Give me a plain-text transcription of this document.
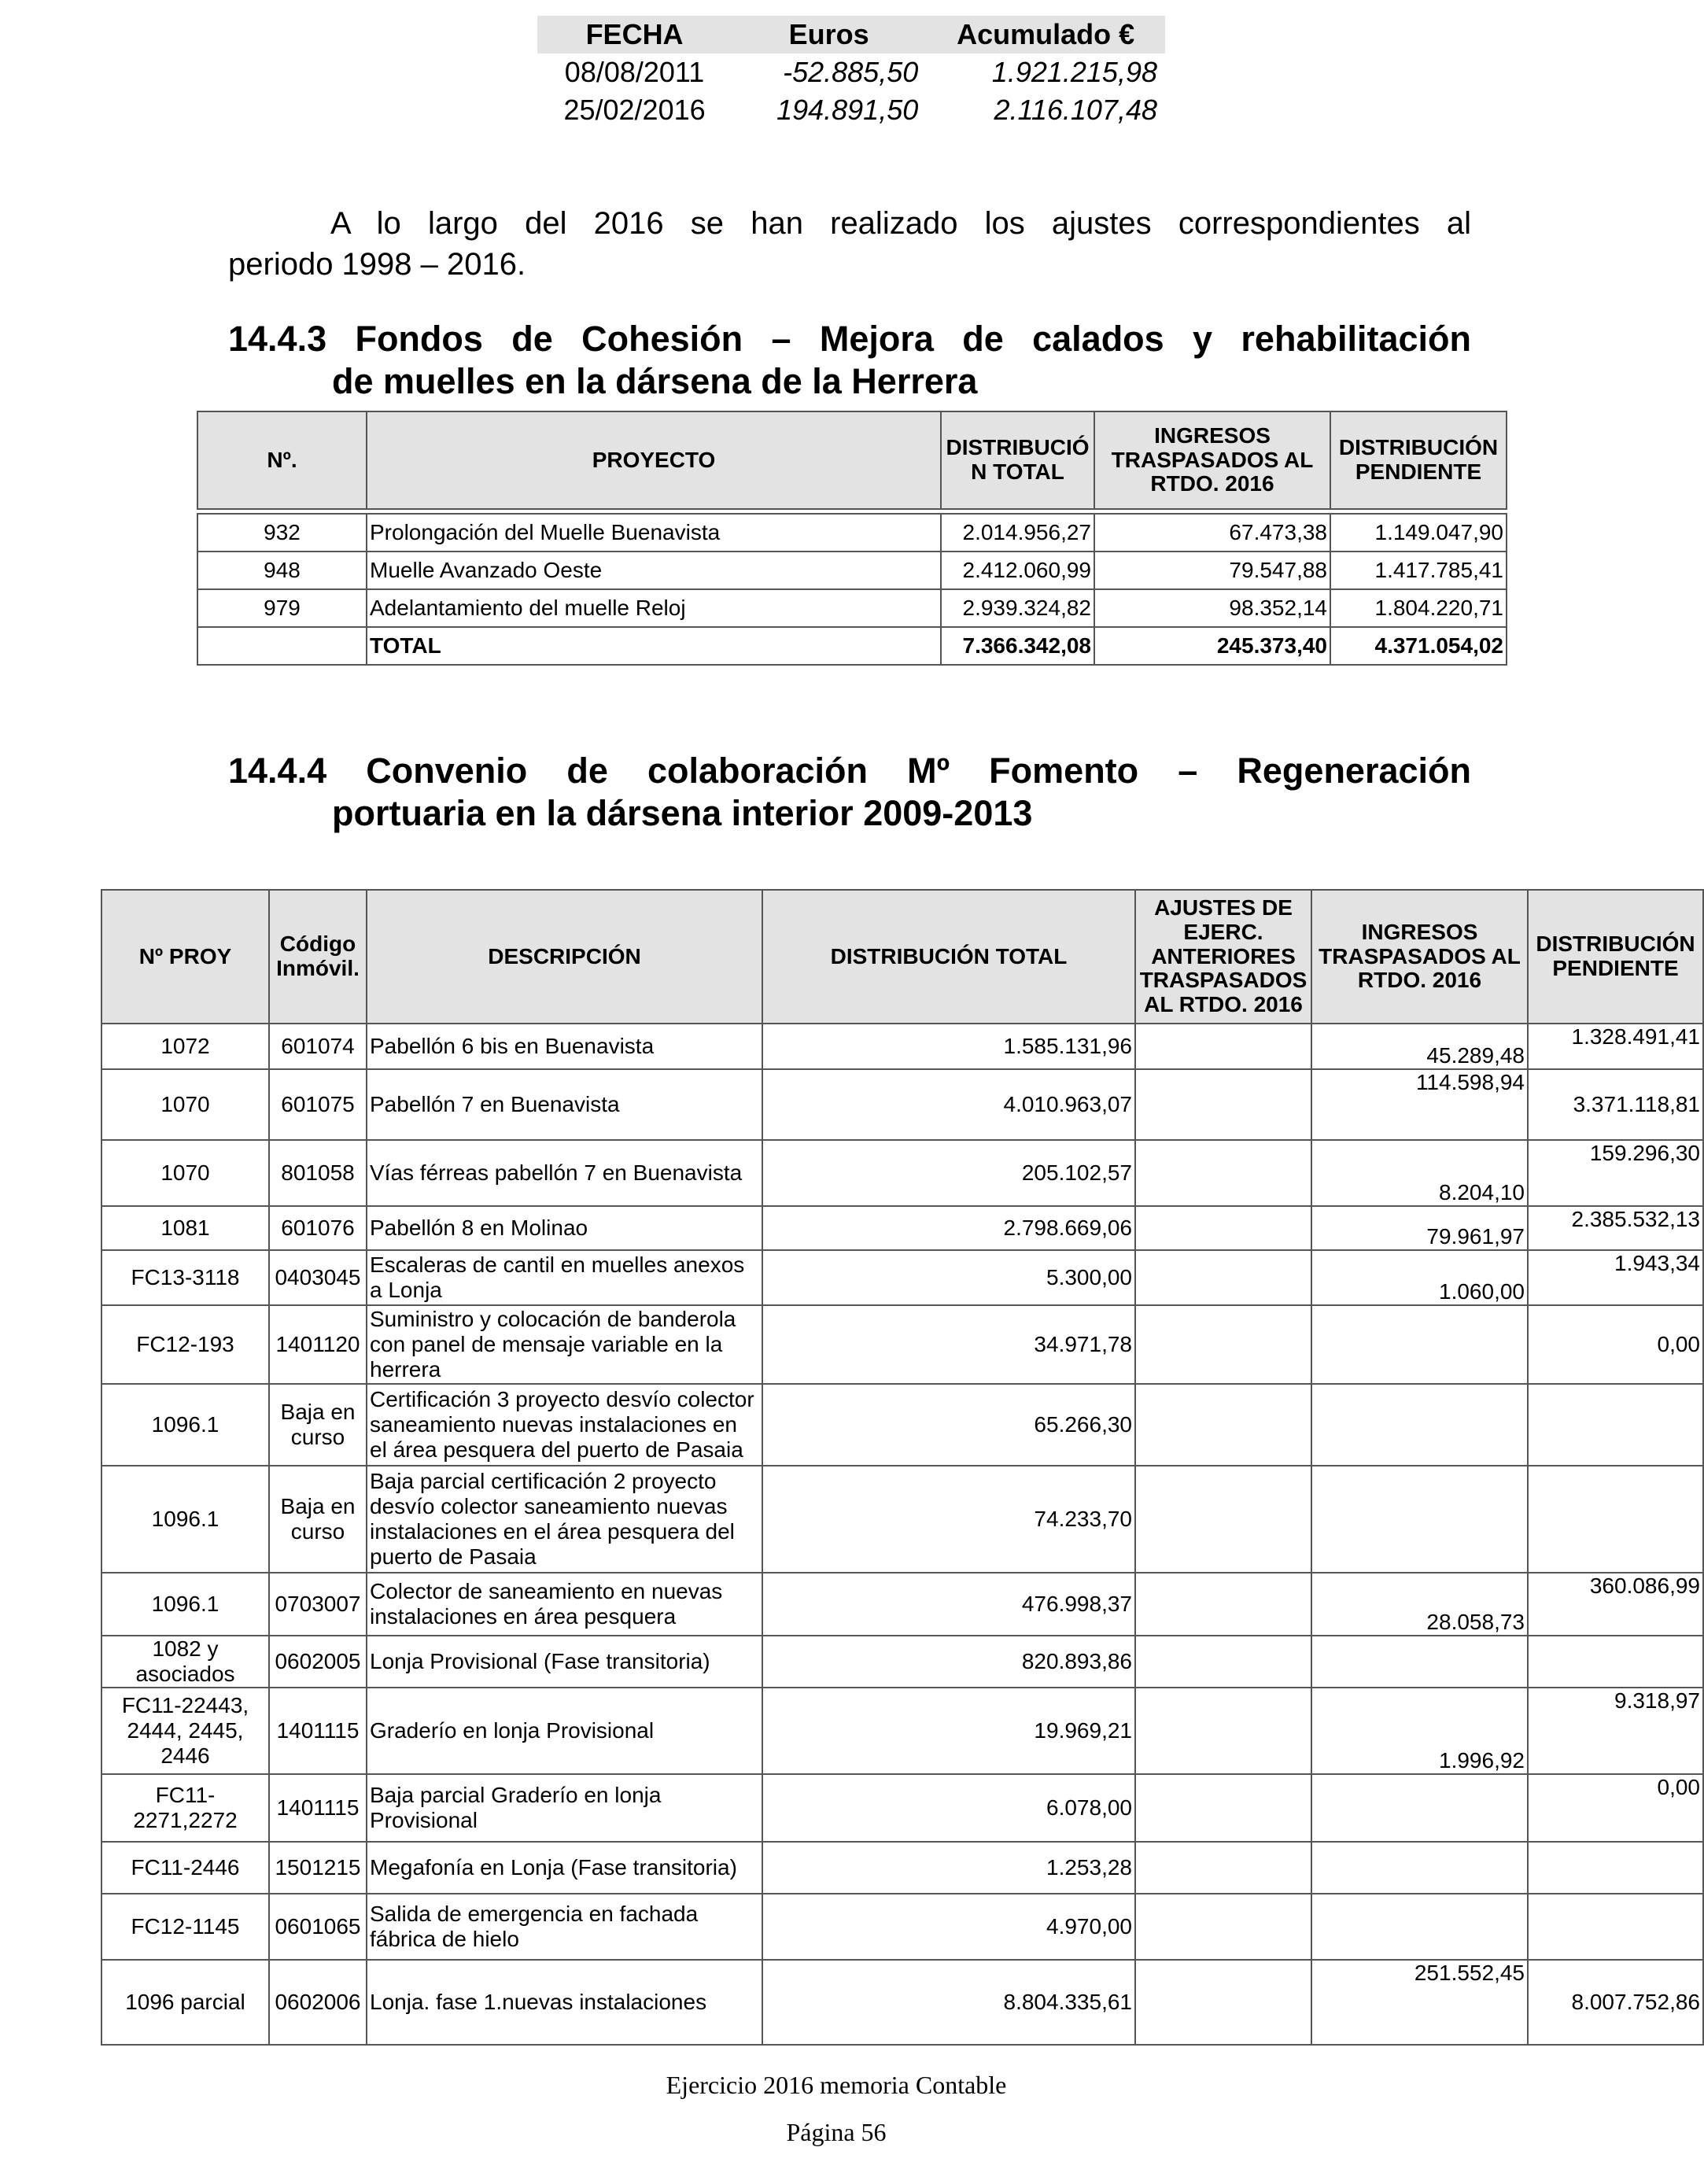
FECHA	Euros	Acumulado €
08/08/2011	-52.885,50	1.921.215,98
25/02/2016	194.891,50	2.116.107,48
A lo largo del 2016 se han realizado los ajustes correspondientes al
periodo 1998 – 2016.
14.4.3 Fondos de Cohesión – Mejora de calados y rehabilitación
de muelles en la dársena de la Herrera
Nº.	PROYECTO	DISTRIBUCIÓ N TOTAL	INGRESOS TRASPASADOS AL RTDO. 2016	DISTRIBUCIÓN PENDIENTE

932	Prolongación del Muelle Buenavista	2.014.956,27	67.473,38	1.149.047,90
948	Muelle Avanzado Oeste	2.412.060,99	79.547,88	1.417.785,41
979	Adelantamiento del muelle Reloj	2.939.324,82	98.352,14	1.804.220,71
	TOTAL	7.366.342,08	245.373,40	4.371.054,02
14.4.4 Convenio de colaboración Mº Fomento – Regeneración
portuaria en la dársena interior 2009-2013
Nº PROY	Código Inmóvil.	DESCRIPCIÓN	DISTRIBUCIÓN TOTAL	AJUSTES DE EJERC. ANTERIORES TRASPASADOS AL RTDO. 2016	INGRESOS TRASPASADOS AL RTDO. 2016	DISTRIBUCIÓN PENDIENTE
1072	601074	Pabellón 6 bis en Buenavista	1.585.131,96		45.289,48	1.328.491,41
1070	601075	Pabellón 7 en Buenavista	4.010.963,07		114.598,94	3.371.118,81
1070	801058	Vías férreas pabellón 7 en Buenavista	205.102,57		8.204,10	159.296,30
1081	601076	Pabellón 8 en Molinao	2.798.669,06		79.961,97	2.385.532,13
FC13-3118	0403045	Escaleras de cantil en muelles anexos a Lonja	5.300,00		1.060,00	1.943,34
FC12-193	1401120	Suministro y colocación de banderola con panel de mensaje variable en la herrera	34.971,78			0,00
1096.1	Baja en curso	Certificación 3 proyecto desvío colector saneamiento nuevas instalaciones en el área pesquera del puerto de Pasaia	65.266,30			
1096.1	Baja en curso	Baja parcial certificación 2 proyecto desvío colector saneamiento nuevas instalaciones en el área pesquera del puerto de Pasaia	74.233,70			
1096.1	0703007	Colector de saneamiento en nuevas instalaciones en área pesquera	476.998,37		28.058,73	360.086,99
1082 y asociados	0602005	Lonja Provisional (Fase transitoria)	820.893,86			
FC11-22443, 2444, 2445, 2446	1401115	Graderío en lonja Provisional	19.969,21		1.996,92	9.318,97
FC11-2271,2272	1401115	Baja parcial Graderío en lonja Provisional	6.078,00			0,00
FC11-2446	1501215	Megafonía en Lonja (Fase transitoria)	1.253,28			
FC12-1145	0601065	Salida de emergencia en fachada fábrica de hielo	4.970,00			
1096 parcial	0602006	Lonja. fase 1.nuevas instalaciones	8.804.335,61		251.552,45	8.007.752,86
Ejercicio 2016 memoria Contable
Página 56
